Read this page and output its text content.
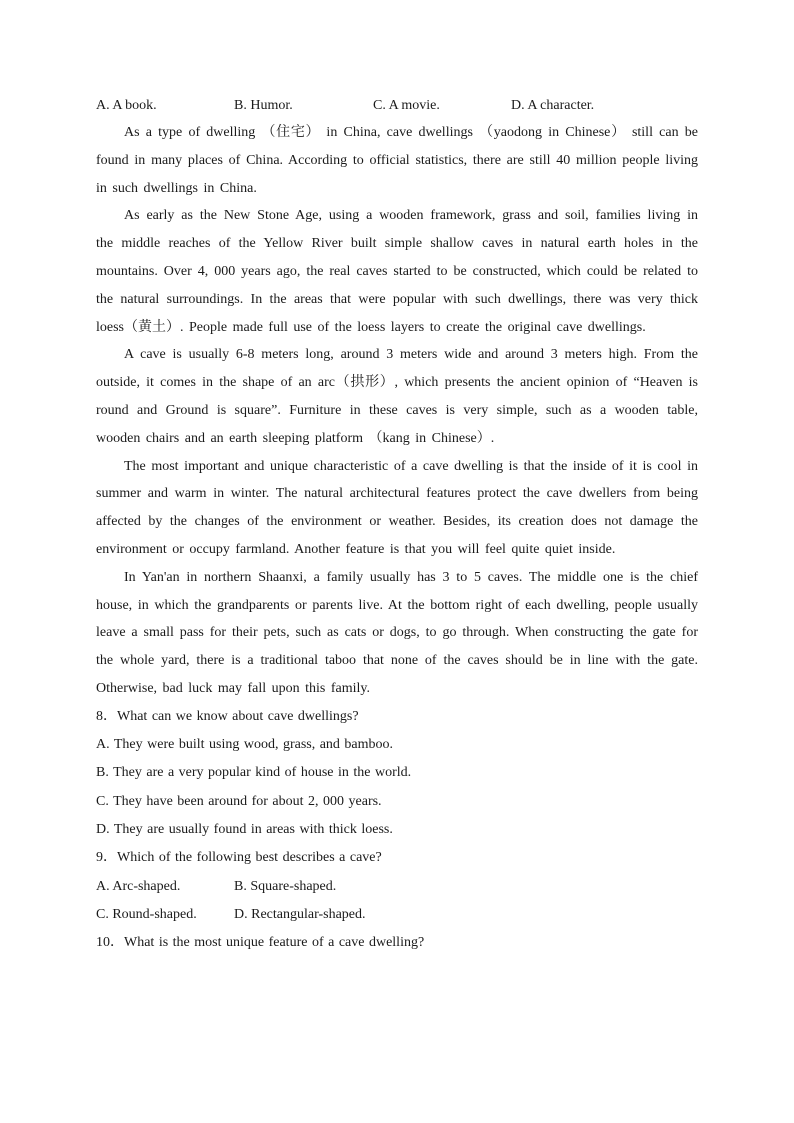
A. A book.	B. Humor.	C. A movie.	D. A character.

As a type of dwelling （住宅） in China, cave dwellings （yaodong in Chinese） still can be found in many places of China. According to official statistics, there are still 40 million people living in such dwellings in China.

As early as the New Stone Age, using a wooden framework, grass and soil, families living in the middle reaches of the Yellow River built simple shallow caves in natural earth holes in the mountains. Over 4, 000 years ago, the real caves started to be constructed, which could be related to the natural surroundings. In the areas that were popular with such dwellings, there was very thick loess（黄土）. People made full use of the loess layers to create the original cave dwellings.

A cave is usually 6-8 meters long, around 3 meters wide and around 3 meters high. From the outside, it comes in the shape of an arc（拱形）, which presents the ancient opinion of “Heaven is round and Ground is square”. Furniture in these caves is very simple, such as a wooden table, wooden chairs and an earth sleeping platform （kang in Chinese）.

The most important and unique characteristic of a cave dwelling is that the inside of it is cool in summer and warm in winter. The natural architectural features protect the cave dwellers from being affected by the changes of the environment or weather. Besides, its creation does not damage the environment or occupy farmland. Another feature is that you will feel quite quiet inside.

In Yan'an in northern Shaanxi, a family usually has 3 to 5 caves. The middle one is the chief house, in which the grandparents or parents live. At the bottom right of each dwelling, people usually leave a small pass for their pets, such as cats or dogs, to go through. When constructing the gate for the whole yard, there is a traditional taboo that none of the caves should be in line with the gate. Otherwise, bad luck may fall upon this family.

8．What can we know about cave dwellings?

A. They were built using wood, grass, and bamboo.

B. They are a very popular kind of house in the world.

C. They have been around for about 2, 000 years.

D. They are usually found in areas with thick loess.

9．Which of the following best describes a cave?

A. Arc-shaped.	B. Square-shaped.
C. Round-shaped.	D. Rectangular-shaped.

10．What is the most unique feature of a cave dwelling?
